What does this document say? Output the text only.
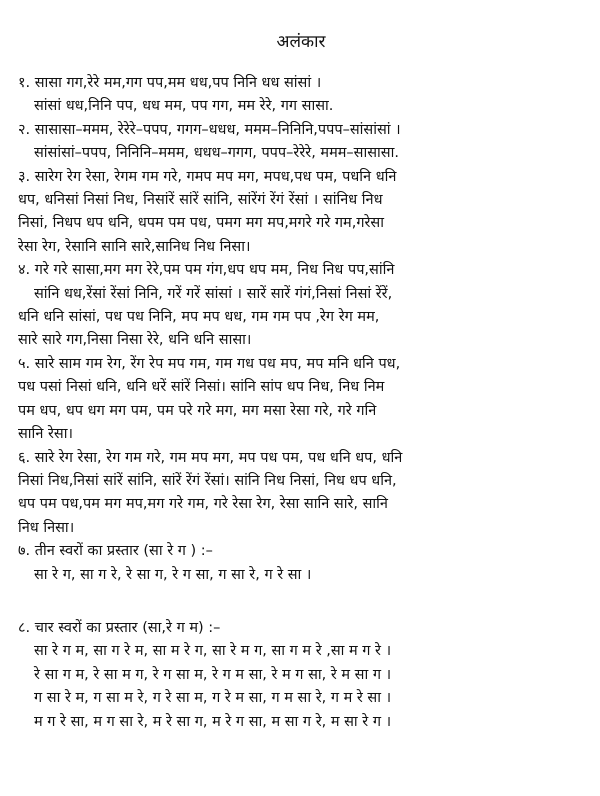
अलंकार
१. सासा गग,रेरे मम,गग पप,मम धध,पप निनि धध सांसां ।
सांसां धध,निनि पप, धध मम, पप गग, मम रेरे, गग सासा.
२. सासासा–ममम, रेरेरे–पपप, गगग–धधध, ममम–निनिनि,पपप–सांसांसां ।
सांसांसां–पपप, निनिनि–ममम, धधध–गगग, पपप–रेरेरे, ममम–सासासा.
३. सारेग रेग रेसा, रेगम गम गरे, गमप मप मग, मपध,पध पम, पधनि धनि
धप, धनिसां निसां निध, निसांरें सांरें सांनि, सांरेंगं रेंगं रेंसां । सांनिध निध
निसां, निधप धप धनि, धपम पम पध, पमग मग मप,मगरे गरे गम,गरेसा
रेसा रेग, रेसानि सानि सारे,सानिध निध निसा।
४. गरे गरे सासा,मग मग रेरे,पम पम गंग,धप धप मम, निध निध पप,सांनि
सांनि धध,रेंसां रेंसां निनि, गरें गरें सांसां । सारें सारें गंगं,निसां निसां रेंरें,
धनि धनि सांसां, पध पध निनि, मप मप धध, गम गम पप ,रेग रेग मम,
सारे सारे गग,निसा निसा रेरे, धनि धनि सासा।
५. सारे साम गम रेग, रेंग रेप मप गम, गम गध पध मप, मप मनि धनि पध,
पध पसां निसां धनि, धनि धरें सांरें निसां। सांनि सांप धप निध, निध निम
पम धप, धप धग मग पम, पम परे गरे मग, मग मसा रेसा गरे, गरे गनि
सानि रेसा।
६. सारे रेग रेसा, रेग गम गरे, गम मप मग, मप पध पम, पध धनि धप, धनि
निसां निध,निसां सांरें सांनि, सांरें रेंगं रेंसां। सांनि निध निसां, निध धप धनि,
धप पम पध,पम मग मप,मग गरे गम, गरे रेसा रेग, रेसा सानि सारे, सानि
निध निसा।
७. तीन स्वरों का प्रस्तार (सा रे ग ) :–
सा रे ग, सा ग रे, रे सा ग, रे ग सा, ग सा रे, ग रे सा ।
८. चार स्वरों का प्रस्तार (सा,रे ग म) :–
सा रे ग म, सा ग रे म, सा म रे ग, सा रे म ग, सा ग म रे ,सा म ग रे ।
रे सा ग म, रे सा म ग, रे ग सा म, रे ग म सा, रे म ग सा, रे म सा ग ।
ग सा रे म, ग सा म रे, ग रे सा म, ग रे म सा, ग म सा रे, ग म रे सा ।
म ग रे सा, म ग सा रे, म रे सा ग, म रे ग सा, म सा ग रे, म सा रे ग ।
